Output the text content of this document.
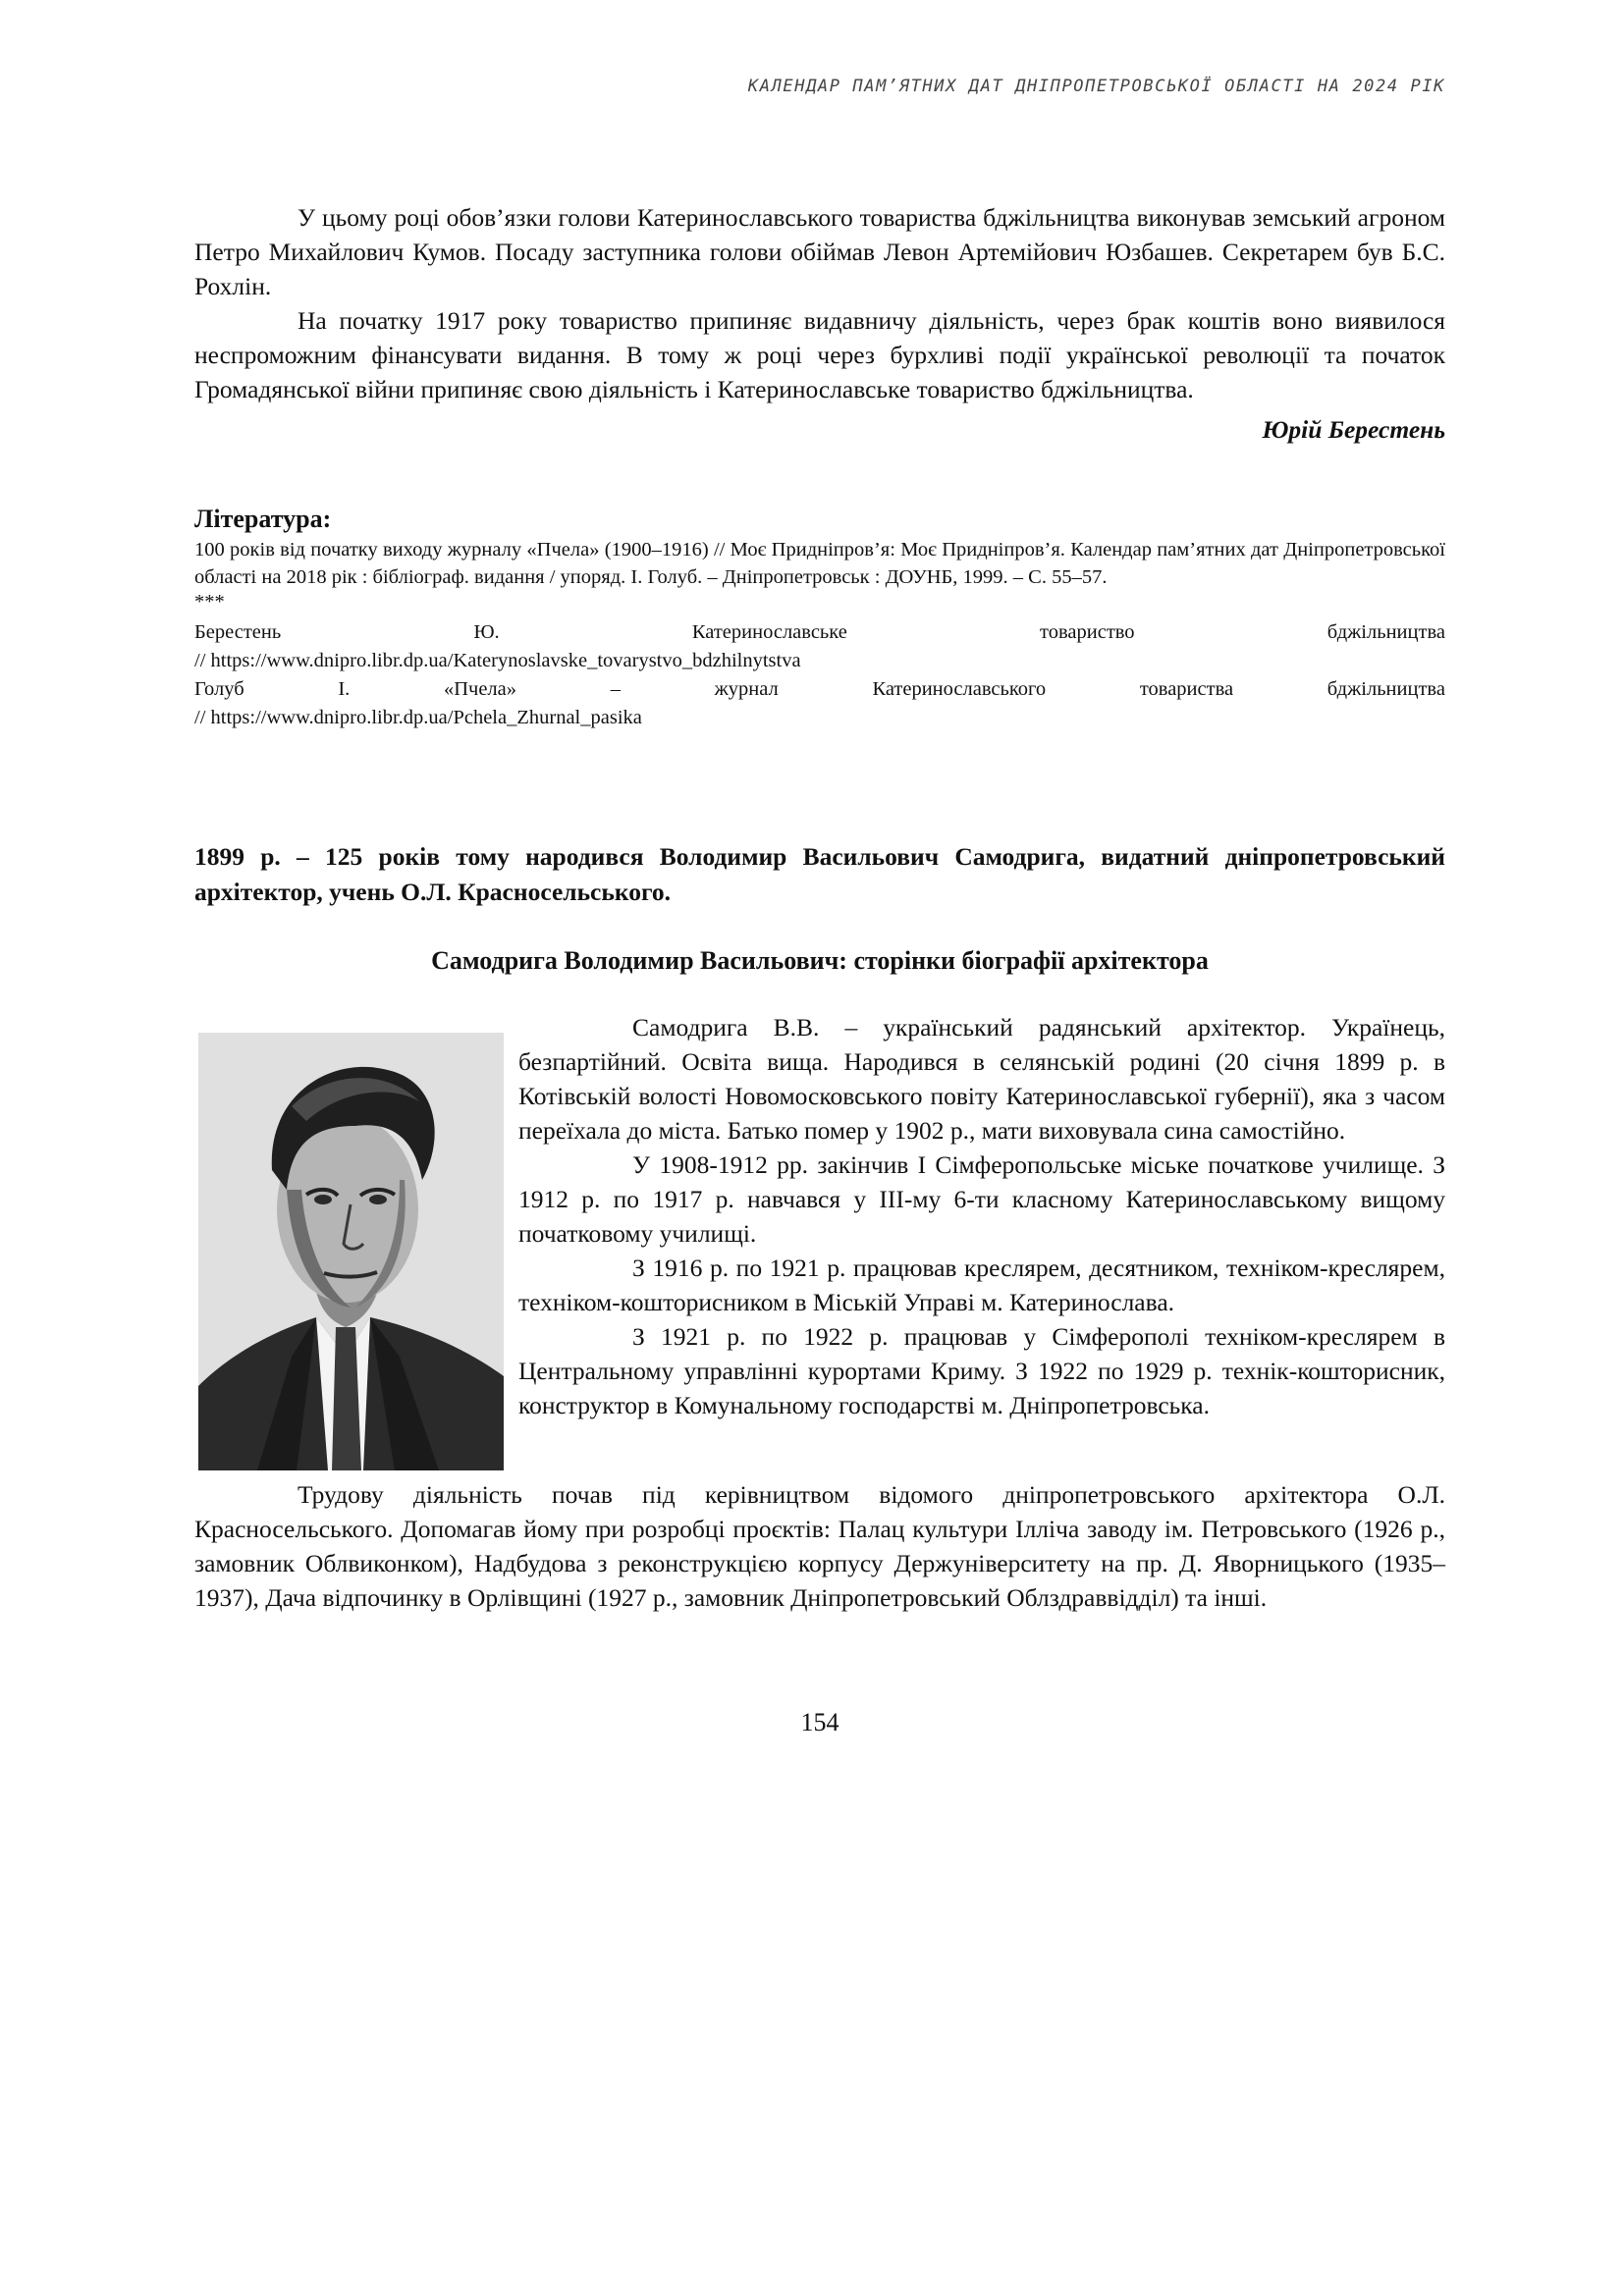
КАЛЕНДАР ПАМ’ЯТНИХ ДАТ ДНІПРОПЕТРОВСЬКОЇ ОБЛАСТІ НА 2024 РІК

У цьому році обов’язки голови Катеринославського товариства бджільництва виконував земський агроном Петро Михайлович Кумов. Посаду заступника голови обіймав Левон Артемійович Юзбашев. Секретарем був Б.С. Рохлін.

На початку 1917 року товариство припиняє видавничу діяльність, через брак коштів воно виявилося неспроможним фінансувати видання. В тому ж році через бурхливі події української революції та початок Громадянської війни припиняє свою діяльність і Катеринославське товариство бджільництва.

Юрій Берестень

Література:

100 років від початку виходу журналу «Пчела» (1900–1916) // Моє Придніпров’я: Моє Придніпров’я. Календар пам’ятних дат Дніпропетровської області на 2018 рік : бібліограф. видання / упоряд. І. Голуб. – Дніпропетровськ : ДОУНБ, 1999. – С. 55–57.

***

Берестень	Ю.	Катеринославське	товариство	бджільництва

// https://www.dnipro.libr.dp.ua/Katerynoslavske_tovarystvo_bdzhilnytstva

Голуб	І.	«Пчела»	–	журнал	Катеринославського	товариства	бджільництва

// https://www.dnipro.libr.dp.ua/Pchela_Zhurnal_pasika

1899 р. – 125 років тому народився Володимир Васильович Самодрига, видатний дніпропетровський архітектор, учень О.Л. Красносельського.

Самодрига Володимир Васильович: сторінки біографії архітектора

Самодрига В.В. – український радянський архітектор. Українець, безпартійний. Освіта вища. Народився в селянській родині (20 січня 1899 р. в Котівській волості Новомосковського повіту Катеринославської губернії), яка з часом переїхала до міста. Батько помер у 1902 р., мати виховувала сина самостійно.

У 1908-1912 рр. закінчив І Сімферопольське міське початкове училище. З 1912 р. по 1917 р. навчався у ІІІ-му 6-ти класному Катеринославському вищому початковому училищі.

З 1916 р. по 1921 р. працював креслярем, десятником, техніком-креслярем, техніком-кошторисником в Міській Управі м. Катеринослава.

З 1921 р. по 1922 р. працював у Сімферополі техніком-креслярем в Центральному управлінні курортами Криму. З 1922 по 1929 р. технік-кошторисник, конструктор в Комунальному господарстві м. Дніпропетровська.

Трудову діяльність почав під керівництвом відомого дніпропетровського архітектора О.Л. Красносельського. Допомагав йому при розробці проєктів: Палац культури Ілліча заводу ім. Петровського (1926 р., замовник Облвиконком), Надбудова з реконструкцією корпусу Держуніверситету на пр. Д. Яворницького (1935–1937), Дача відпочинку в Орлівщині (1927 р., замовник Дніпропетровський Облздраввідділ) та інші.

154
